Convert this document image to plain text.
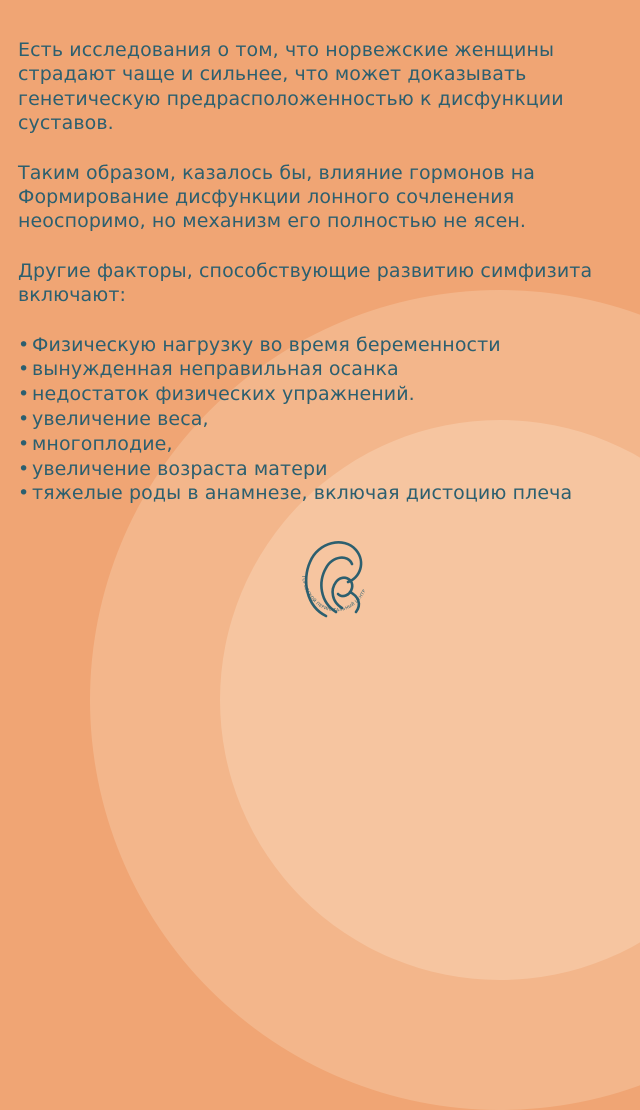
Есть исследования о том, что норвежские женщины
страдают чаще и сильнее, что может доказывать
генетическую предрасположенностью к дисфункции
суставов.

Таким образом, казалось бы, влияние гормонов на
Формирование дисфункции лонного сочленения
неоспоримо, но механизм его полностью не ясен.

Другие факторы, способствующие развитию симфизита
включают:

• Физическую нагрузку во время беременности
• вынужденная неправильная осанка
• недостаток физических упражнений.
• увеличение веса,
• многоплодие,
• увеличение возраста матери
• тяжелые роды в анамнезе, включая дистоцию плеча
ГОРОДСКОЙ ПЕРИНАТАЛЬНЫЙ ЦЕНТР
